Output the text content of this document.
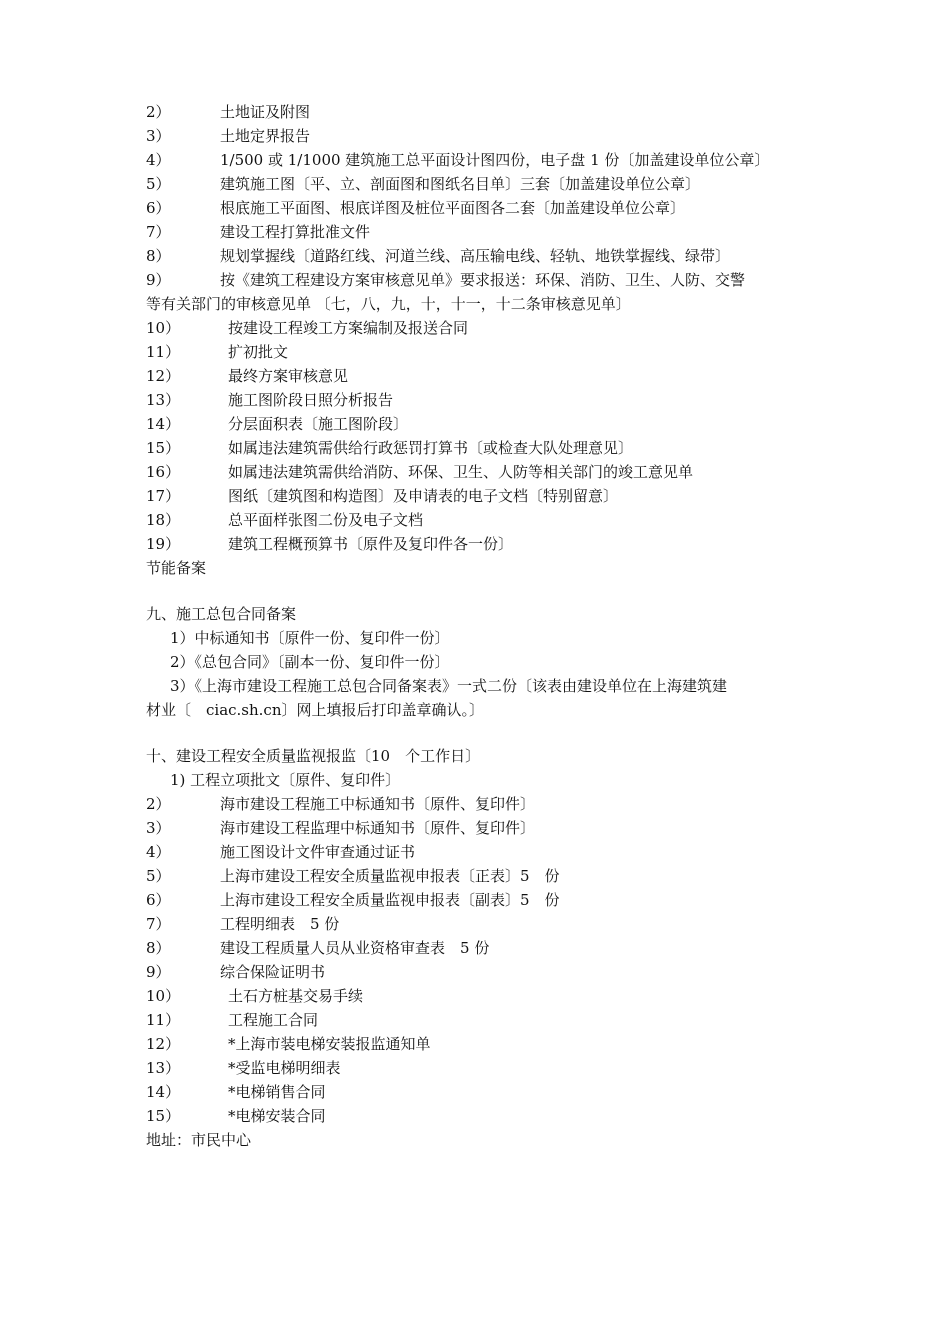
2）	土地证及附图
3）	土地定界报告
4）	1/500 或 1/1000 建筑施工总平面设计图四份，电子盘 1 份〔加盖建设单位公章〕
5）	建筑施工图〔平、立、剖面图和图纸名目单〕三套〔加盖建设单位公章〕
6）	根底施工平面图、根底详图及桩位平面图各二套〔加盖建设单位公章〕
7）	建设工程打算批准文件
8）	规划掌握线〔道路红线、河道兰线、高压输电线、轻轨、地铁掌握线、绿带〕
9）	按《建筑工程建设方案审核意见单》要求报送：环保、消防、卫生、人防、交警
等有关部门的审核意见单 〔七，八，九，十，十一，十二条审核意见单〕
10）	按建设工程竣工方案编制及报送合同
11）	扩初批文
12）	最终方案审核意见
13）	施工图阶段日照分析报告
14）	分层面积表〔施工图阶段〕
15）	如属违法建筑需供给行政惩罚打算书〔或检查大队处理意见〕
16）	如属违法建筑需供给消防、环保、卫生、人防等相关部门的竣工意见单
17）	图纸〔建筑图和构造图〕及申请表的电子文档〔特别留意〕
18）	总平面样张图二份及电子文档
19）	建筑工程概预算书〔原件及复印件各一份〕
节能备案
九、施工总包合同备案
1）中标通知书〔原件一份、复印件一份〕
2）《总包合同》〔副本一份、复印件一份〕
3）《上海市建设工程施工总包合同备案表》一式二份〔该表由建设单位在上海建筑建
材业〔　ciac.sh.cn〕网上填报后打印盖章确认。〕
十、建设工程安全质量监视报监〔10　个工作日〕
1) 工程立项批文〔原件、复印件〕
2）	海市建设工程施工中标通知书〔原件、复印件〕
3）	海市建设工程监理中标通知书〔原件、复印件〕
4）	施工图设计文件审查通过证书
5）	上海市建设工程安全质量监视申报表〔正表〕5　份
6）	上海市建设工程安全质量监视申报表〔副表〕5　份
7）	工程明细表　5 份
8）	建设工程质量人员从业资格审查表　5 份
9）	综合保险证明书
10）	土石方桩基交易手续
11）	工程施工合同
12）	*上海市装电梯安装报监通知单
13）	*受监电梯明细表
14）	*电梯销售合同
15）	*电梯安装合同
地址：市民中心
